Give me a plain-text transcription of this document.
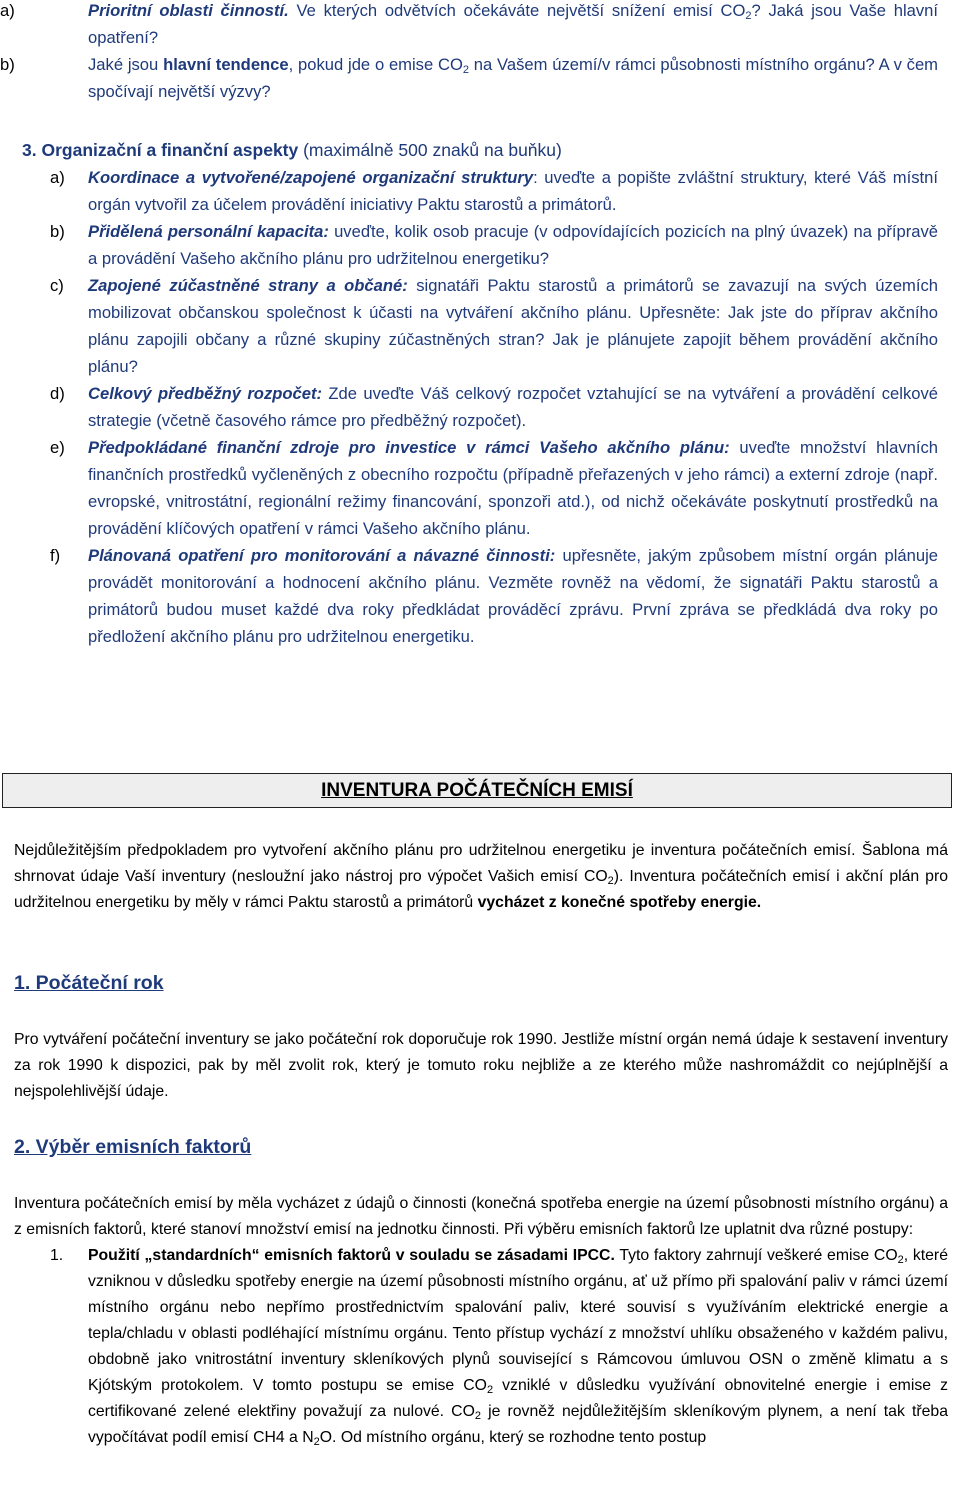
a)	Prioritní oblasti činností. Ve kterých odvětvích očekáváte největší snížení emisí $CO_2$? Jaká jsou Vaše hlavní opatření?

b)	Jaké jsou hlavní tendence, pokud jde o emise $CO_2$ na Vašem území/v rámci působnosti místního orgánu? A v čem spočívají největší výzvy?

3. Organizační a finanční aspekty (maximálně 500 znaků na buňku)

a) Koordinace a vytvořené/zapojené organizační struktury: uveďte a popište zvláštní struktury, které Váš místní orgán vytvořil za účelem provádění iniciativy Paktu starostů a primátorů.

b) Přidělená personální kapacita: uveďte, kolik osob pracuje (v odpovídajících pozicích na plný úvazek) na přípravě a provádění Vašeho akčního plánu pro udržitelnou energetiku?

c) Zapojené zúčastněné strany a občané: signatáři Paktu starostů a primátorů se zavazují na svých územích mobilizovat občanskou společnost k účasti na vytváření akčního plánu. Upřesněte: Jak jste do příprav akčního plánu zapojili občany a různé skupiny zúčastněných stran? Jak je plánujete zapojit během provádění akčního plánu?

d) Celkový předběžný rozpočet: Zde uveďte Váš celkový rozpočet vztahující se na vytváření a provádění celkové strategie (včetně časového rámce pro předběžný rozpočet).

e) Předpokládané finanční zdroje pro investice v rámci Vašeho akčního plánu: uveďte množství hlavních finančních prostředků vyčleněných z obecního rozpočtu (případně přeřazených v jeho rámci) a externí zdroje (např. evropské, vnitrostátní, regionální režimy financování, sponzoři atd.), od nichž očekáváte poskytnutí prostředků na provádění klíčových opatření v rámci Vašeho akčního plánu.

f) Plánovaná opatření pro monitorování a návazné činnosti: upřesněte, jakým způsobem místní orgán plánuje provádět monitorování a hodnocení akčního plánu. Vezměte rovněž na vědomí, že signatáři Paktu starostů a primátorů budou muset každé dva roky předkládat prováděcí zprávu. První zpráva se předkládá dva roky po předložení akčního plánu pro udržitelnou energetiku.

INVENTURA POČÁTEČNÍCH EMISÍ

Nejdůležitějším předpokladem pro vytvoření akčního plánu pro udržitelnou energetiku je inventura počátečních emisí. Šablona má shrnovat údaje Vaší inventury (nesloužní jako nástroj pro výpočet Vašich emisí $CO_2$). Inventura počátečních emisí i akční plán pro udržitelnou energetiku by měly v rámci Paktu starostů a primátorů vycházet z konečné spotřeby energie.

1. Počáteční rok

Pro vytváření počáteční inventury se jako počáteční rok doporučuje rok 1990. Jestliže místní orgán nemá údaje k sestavení inventury za rok 1990 k dispozici, pak by měl zvolit rok, který je tomuto roku nejbliže a ze kterého může nashromáždit co nejúplnější a nejspolehlivější údaje.

2. Výběr emisních faktorů

Inventura počátečních emisí by měla vycházet z údajů o činnosti (konečná spotřeba energie na území působnosti místního orgánu) a z emisních faktorů, které stanoví množství emisí na jednotku činnosti. Při výběru emisních faktorů lze uplatnit dva různé postupy:

1. Použití „standardních“ emisních faktorů v souladu se zásadami IPCC. Tyto faktory zahrnují veškeré emise $CO_2$, které vzniknou v důsledku spotřeby energie na území působnosti místního orgánu, ať už přímo při spalování paliv v rámci území místního orgánu nebo nepřímo prostřednictvím spalování paliv, které souvisí s využíváním elektrické energie a tepla/chladu v oblasti podléhající místnímu orgánu. Tento přístup vychází z množství uhlíku obsaženého v každém palivu, obdobně jako vnitrostátní inventury skleníkových plynů související s Rámcovou úmluvou OSN o změně klimatu a s Kjótským protokolem. V tomto postupu se emise $CO_2$ vzniklé v důsledku využívání obnovitelné energie i emise z certifikované zelené elektřiny považují za nulové. $CO_2$ je rovněž nejdůležitějším skleníkovým plynem, a není tak třeba vypočítávat podíl emisí CH4 a $N_2O$. Od místního orgánu, který se rozhodne tento postup
